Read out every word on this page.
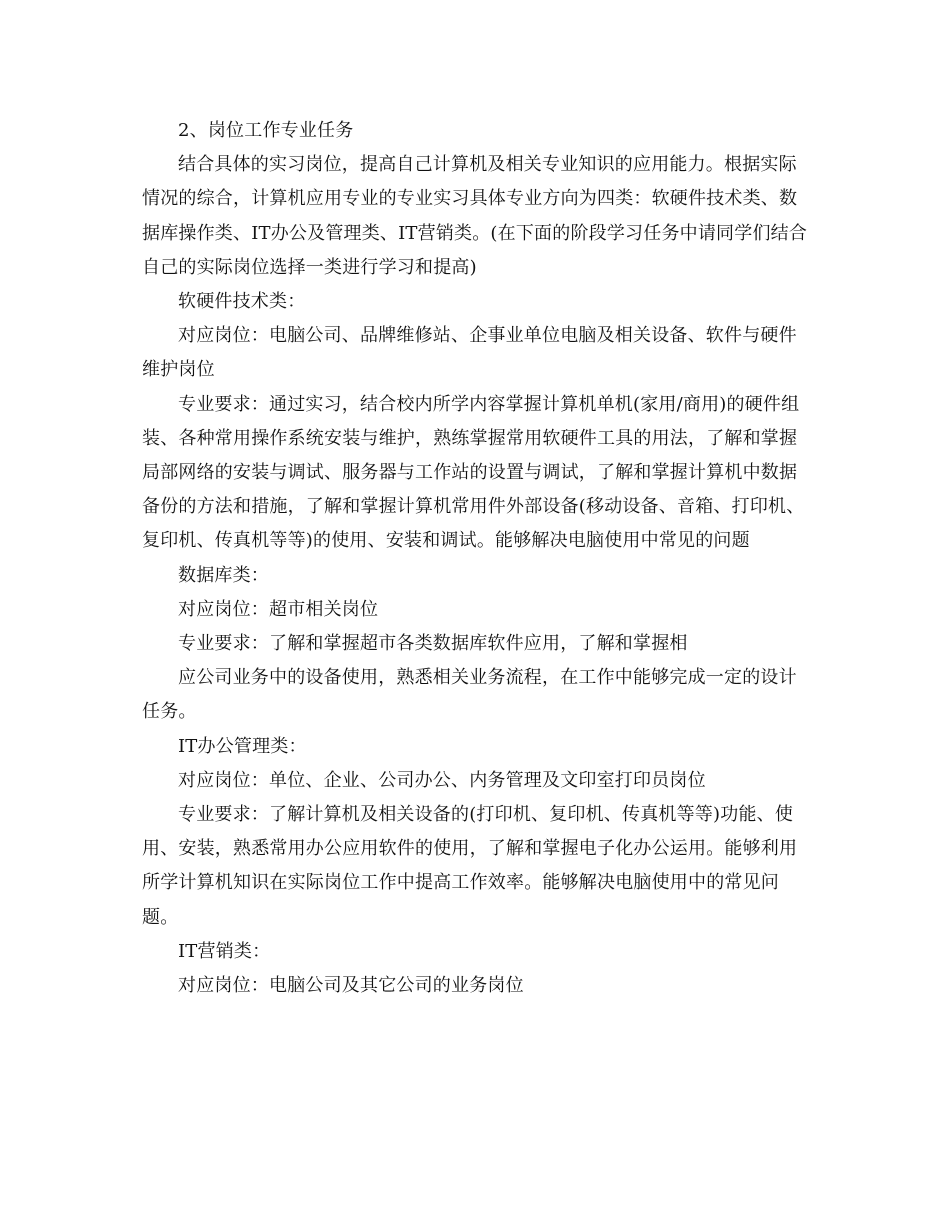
2、岗位工作专业任务

结合具体的实习岗位，提高自己计算机及相关专业知识的应用能力。根据实际情况的综合，计算机应用专业的专业实习具体专业方向为四类：软硬件技术类、数据库操作类、IT办公及管理类、IT营销类。(在下面的阶段学习任务中请同学们结合自己的实际岗位选择一类进行学习和提高)

软硬件技术类：

对应岗位：电脑公司、品牌维修站、企事业单位电脑及相关设备、软件与硬件维护岗位

专业要求：通过实习，结合校内所学内容掌握计算机单机(家用/商用)的硬件组装、各种常用操作系统安装与维护，熟练掌握常用软硬件工具的用法，了解和掌握局部网络的安装与调试、服务器与工作站的设置与调试，了解和掌握计算机中数据备份的方法和措施，了解和掌握计算机常用件外部设备(移动设备、音箱、打印机、复印机、传真机等等)的使用、安装和调试。能够解决电脑使用中常见的问题

数据库类：

对应岗位：超市相关岗位

专业要求：了解和掌握超市各类数据库软件应用，了解和掌握相

应公司业务中的设备使用，熟悉相关业务流程，在工作中能够完成一定的设计任务。

IT办公管理类：

对应岗位：单位、企业、公司办公、内务管理及文印室打印员岗位

专业要求：了解计算机及相关设备的(打印机、复印机、传真机等等)功能、使用、安装，熟悉常用办公应用软件的使用，了解和掌握电子化办公运用。能够利用所学计算机知识在实际岗位工作中提高工作效率。能够解决电脑使用中的常见问题。

IT营销类：

对应岗位：电脑公司及其它公司的业务岗位
